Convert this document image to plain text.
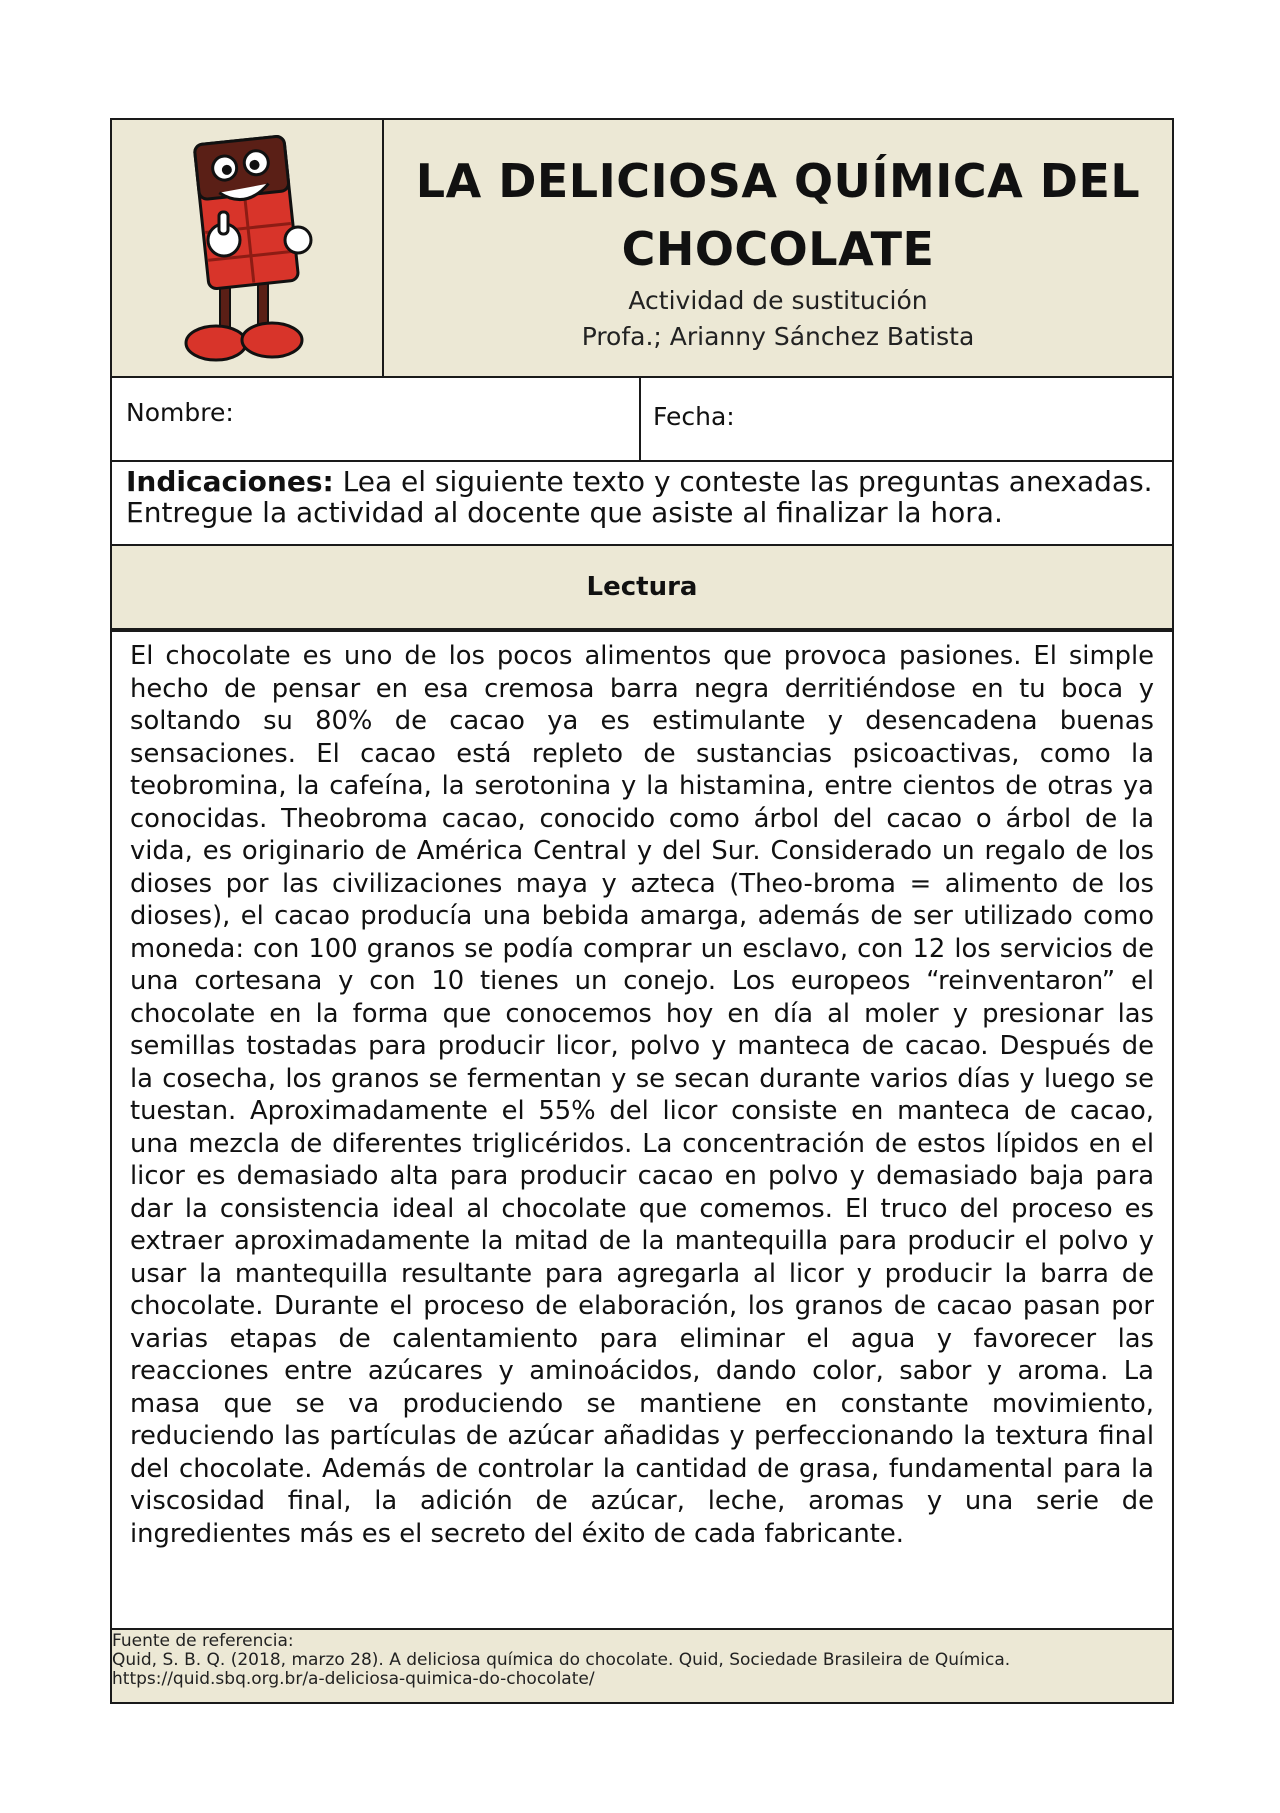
LA DELICIOSA QUÍMICA DEL
CHOCOLATE
Actividad de sustitución
Profa.; Arianny Sánchez Batista
Nombre:	Fecha:
Indicaciones: Lea el siguiente texto y conteste las preguntas anexadas. Entregue la actividad al docente que asiste al finalizar la hora.
Lectura

El chocolate es uno de los pocos alimentos que provoca pasiones. El simple hecho de pensar en esa cremosa barra negra derritiéndose en tu boca y soltando su 80% de cacao ya es estimulante y desencadena buenas sensaciones. El cacao está repleto de sustancias psicoactivas, como la teobromina, la cafeína, la serotonina y la histamina, entre cientos de otras ya conocidas. Theobroma cacao, conocido como árbol del cacao o árbol de la vida, es originario de América Central y del Sur. Considerado un regalo de los dioses por las civilizaciones maya y azteca (Theo-broma = alimento de los dioses), el cacao producía una bebida amarga, además de ser utilizado como moneda: con 100 granos se podía comprar un esclavo, con 12 los servicios de una cortesana y con 10 tienes un conejo. Los europeos “reinventaron” el chocolate en la forma que conocemos hoy en día al moler y presionar las semillas tostadas para producir licor, polvo y manteca de cacao. Después de la cosecha, los granos se fermentan y se secan durante varios días y luego se tuestan. Aproximadamente el 55% del licor consiste en manteca de cacao, una mezcla de diferentes triglicéridos. La concentración de estos lípidos en el licor es demasiado alta para producir cacao en polvo y demasiado baja para dar la consistencia ideal al chocolate que comemos. El truco del proceso es extraer aproximadamente la mitad de la mantequilla para producir el polvo y usar la mantequilla resultante para agregarla al licor y producir la barra de chocolate. Durante el proceso de elaboración, los granos de cacao pasan por varias etapas de calentamiento para eliminar el agua y favorecer las reacciones entre azúcares y aminoácidos, dando color, sabor y aroma. La masa que se va produciendo se mantiene en constante movimiento, reduciendo las partículas de azúcar añadidas y perfeccionando la textura final del chocolate. Además de controlar la cantidad de grasa, fundamental para la viscosidad final, la adición de azúcar, leche, aromas y una serie de ingredientes más es el secreto del éxito de cada fabricante.

Fuente de referencia:
Quid, S. B. Q. (2018, marzo 28). A deliciosa química do chocolate. Quid, Sociedade Brasileira de Química.
https://quid.sbq.org.br/a-deliciosa-quimica-do-chocolate/
